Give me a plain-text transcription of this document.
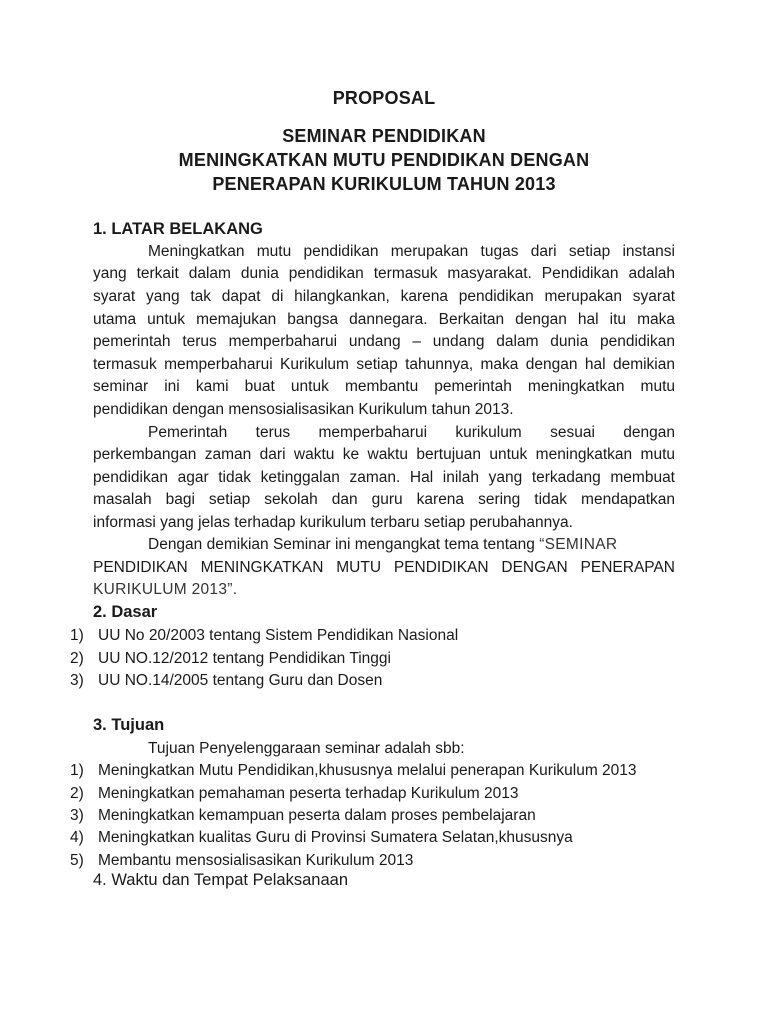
PROPOSAL
SEMINAR PENDIDIKAN
MENINGKATKAN MUTU PENDIDIKAN DENGAN
PENERAPAN KURIKULUM TAHUN 2013
1. LATAR BELAKANG
Meningkatkan mutu pendidikan merupakan tugas dari setiap instansi
yang terkait dalam dunia pendidikan termasuk masyarakat. Pendidikan adalah
syarat yang tak dapat di hilangkankan, karena pendidikan merupakan syarat
utama untuk memajukan bangsa dannegara. Berkaitan dengan hal itu maka
pemerintah terus memperbaharui undang – undang dalam dunia pendidikan
termasuk memperbaharui Kurikulum setiap tahunnya, maka dengan hal demikian
seminar ini kami buat untuk membantu pemerintah meningkatkan mutu
pendidikan dengan mensosialisasikan Kurikulum tahun 2013.
Pemerintah terus memperbaharui kurikulum sesuai dengan
perkembangan zaman dari waktu ke waktu bertujuan untuk meningkatkan mutu
pendidikan agar tidak ketinggalan zaman. Hal inilah yang terkadang membuat
masalah bagi setiap sekolah dan guru karena sering tidak mendapatkan
informasi yang jelas terhadap kurikulum terbaru setiap perubahannya.
Dengan demikian Seminar ini mengangkat tema tentang “SEMINAR
PENDIDIKAN MENINGKATKAN MUTU PENDIDIKAN DENGAN PENERAPAN
KURIKULUM 2013”.
2. Dasar
1) UU No 20/2003 tentang Sistem Pendidikan Nasional
2) UU NO.12/2012 tentang Pendidikan Tinggi
3) UU NO.14/2005 tentang Guru dan Dosen
3. Tujuan
Tujuan Penyelenggaraan seminar adalah sbb:
1) Meningkatkan Mutu Pendidikan,khususnya melalui penerapan Kurikulum 2013
2) Meningkatkan pemahaman peserta terhadap Kurikulum 2013
3) Meningkatkan kemampuan peserta dalam proses pembelajaran
4) Meningkatkan kualitas Guru di Provinsi Sumatera Selatan,khususnya
5) Membantu mensosialisasikan Kurikulum 2013
4. Waktu dan Tempat Pelaksanaan
